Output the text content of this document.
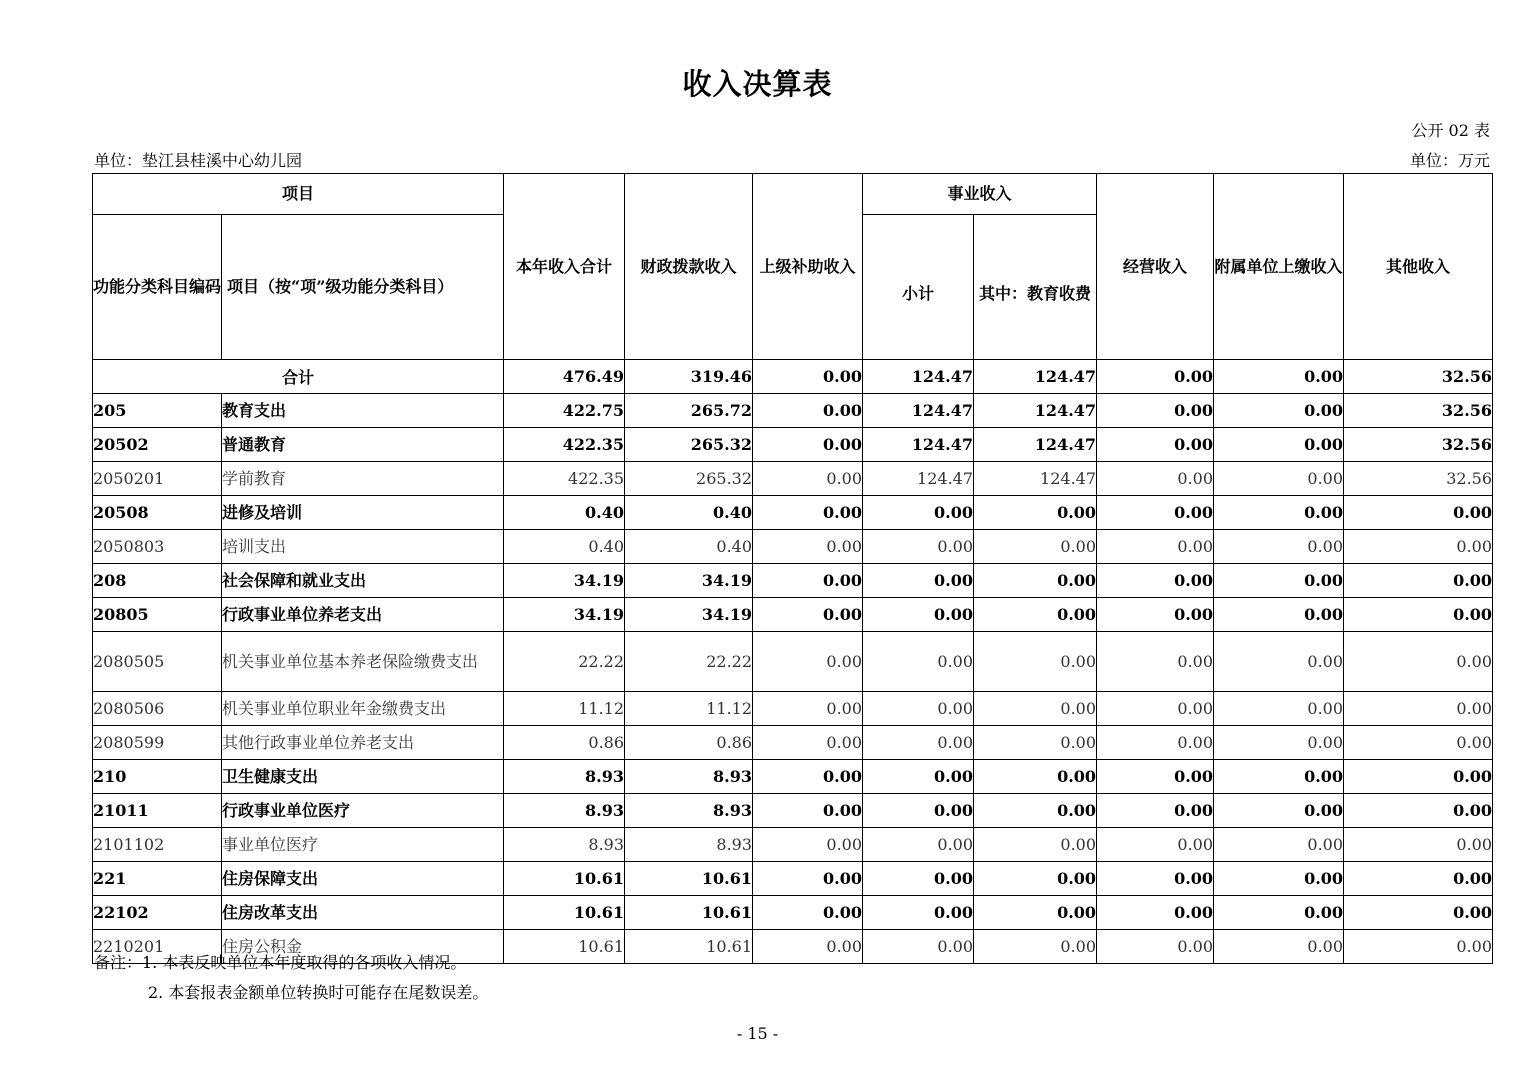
收入决算表
公开 02 表
单位：垫江县桂溪中心幼儿园	单位：万元
项目		本年收入合计	财政拨款收入	上级补助收入	事业收入		经营收入	附属单位上缴收入	其他收入
功能分类科目编码	项目（按“项”级功能分类科目）				小计	其中：教育收费			
合计		476.49	319.46	0.00	124.47	124.47	0.00	0.00	32.56
205	教育支出	422.75	265.72	0.00	124.47	124.47	0.00	0.00	32.56
20502	普通教育	422.35	265.32	0.00	124.47	124.47	0.00	0.00	32.56
2050201	学前教育	422.35	265.32	0.00	124.47	124.47	0.00	0.00	32.56
20508	进修及培训	0.40	0.40	0.00	0.00	0.00	0.00	0.00	0.00
2050803	培训支出	0.40	0.40	0.00	0.00	0.00	0.00	0.00	0.00
208	社会保障和就业支出	34.19	34.19	0.00	0.00	0.00	0.00	0.00	0.00
20805	行政事业单位养老支出	34.19	34.19	0.00	0.00	0.00	0.00	0.00	0.00
2080505	机关事业单位基本养老保险缴费支出	22.22	22.22	0.00	0.00	0.00	0.00	0.00	0.00
2080506	机关事业单位职业年金缴费支出	11.12	11.12	0.00	0.00	0.00	0.00	0.00	0.00
2080599	其他行政事业单位养老支出	0.86	0.86	0.00	0.00	0.00	0.00	0.00	0.00
210	卫生健康支出	8.93	8.93	0.00	0.00	0.00	0.00	0.00	0.00
21011	行政事业单位医疗	8.93	8.93	0.00	0.00	0.00	0.00	0.00	0.00
2101102	事业单位医疗	8.93	8.93	0.00	0.00	0.00	0.00	0.00	0.00
221	住房保障支出	10.61	10.61	0.00	0.00	0.00	0.00	0.00	0.00
22102	住房改革支出	10.61	10.61	0.00	0.00	0.00	0.00	0.00	0.00
2210201	住房公积金	10.61	10.61	0.00	0.00	0.00	0.00	0.00	0.00
备注：1. 本表反映单位本年度取得的各项收入情况。
2. 本套报表金额单位转换时可能存在尾数误差。
- 15 -
